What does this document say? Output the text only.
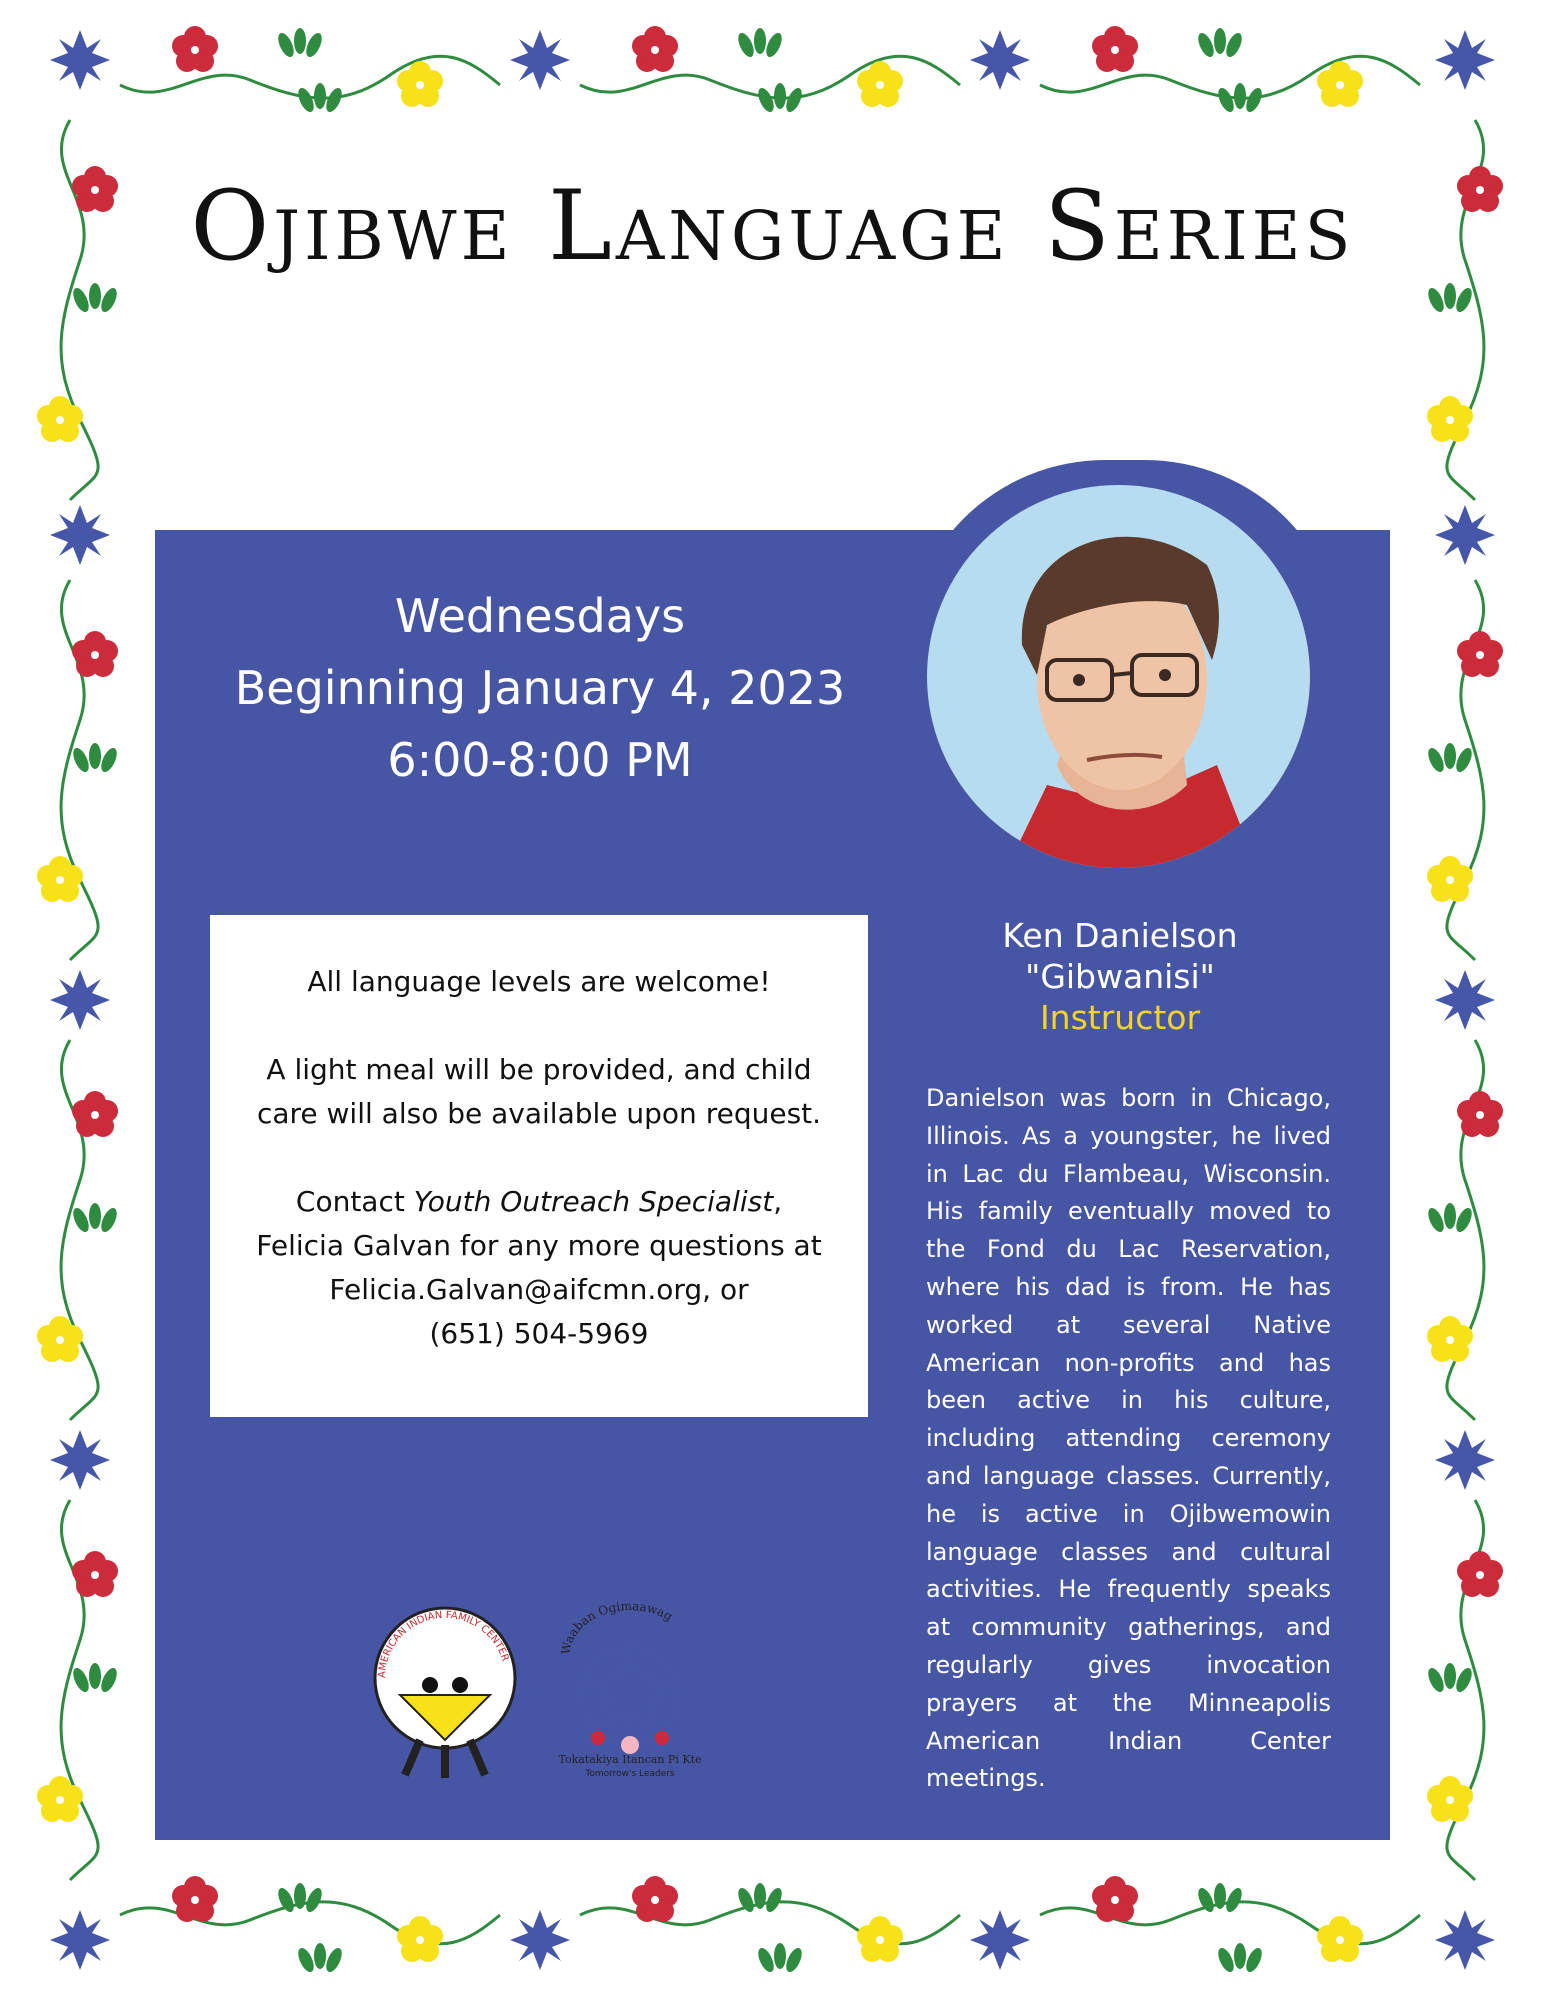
Ojibwe Language Series
Wednesdays
Beginning January 4, 2023
6:00-8:00 PM

All language levels are welcome!

A light meal will be provided, and child

care will also be available upon request.

Contact Youth Outreach Specialist,

Felicia Galvan for any more questions at

Felicia.Galvan@aifcmn.org, or

(651) 504-5969

Ken Danielson
"Gibwanisi"
Instructor
Danielson was born in Chicago, Illinois. As a youngster, he lived in Lac du Flambeau, Wisconsin. His family eventually moved to the Fond du Lac Reservation, where his dad is from. He has worked at several Native American non-profits and has been active in his culture, including attending ceremony and language classes. Currently, he is active in Ojibwemowin language classes and cultural activities. He frequently speaks at community gatherings, and regularly gives invocation prayers at the Minneapolis American Indian Center meetings.
AMERICAN INDIAN FAMILY CENTER
Waaban Ogimaawag
Tokatakiya Itancan Pi Kte
Tomorrow's Leaders
